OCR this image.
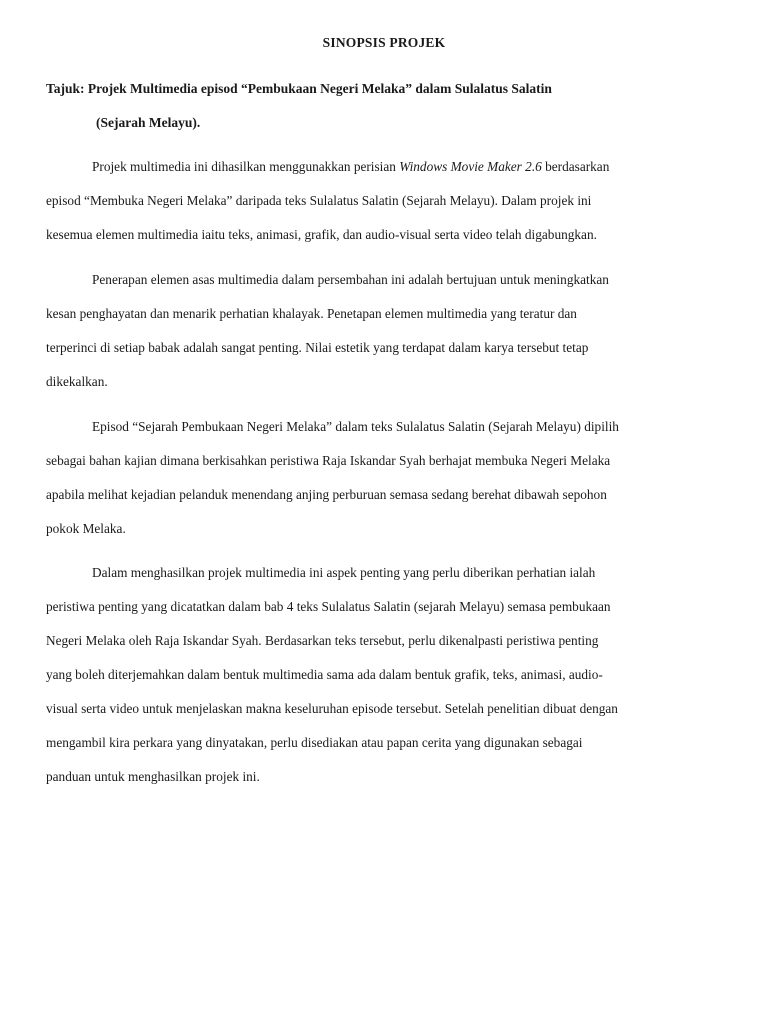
SINOPSIS PROJEK
Tajuk: Projek Multimedia episod “Pembukaan Negeri Melaka” dalam Sulalatus Salatin
(Sejarah Melayu).
Projek multimedia ini dihasilkan menggunakkan perisian Windows Movie Maker 2.6 berdasarkan
episod “Membuka Negeri Melaka” daripada teks Sulalatus Salatin (Sejarah Melayu). Dalam projek ini
kesemua elemen multimedia iaitu teks, animasi, grafik, dan audio-visual serta video telah digabungkan.
Penerapan elemen asas multimedia dalam persembahan ini adalah bertujuan untuk meningkatkan
kesan penghayatan dan menarik perhatian khalayak. Penetapan elemen multimedia yang teratur dan
terperinci di setiap babak adalah sangat penting. Nilai estetik yang terdapat dalam karya tersebut tetap
dikekalkan.
Episod “Sejarah Pembukaan Negeri Melaka” dalam teks Sulalatus Salatin (Sejarah Melayu) dipilih
sebagai bahan kajian dimana berkisahkan peristiwa Raja Iskandar Syah berhajat membuka Negeri Melaka
apabila melihat kejadian pelanduk menendang anjing perburuan semasa sedang berehat dibawah sepohon
pokok Melaka.
Dalam menghasilkan projek multimedia ini aspek penting yang perlu diberikan perhatian ialah
peristiwa penting yang dicatatkan dalam bab 4 teks Sulalatus Salatin (sejarah Melayu) semasa pembukaan
Negeri Melaka oleh Raja Iskandar Syah. Berdasarkan teks tersebut, perlu dikenalpasti peristiwa penting
yang boleh diterjemahkan dalam bentuk multimedia sama ada dalam bentuk grafik, teks, animasi, audio-
visual serta video untuk menjelaskan makna keseluruhan episode tersebut. Setelah penelitian dibuat dengan
mengambil kira perkara yang dinyatakan, perlu disediakan atau papan cerita yang digunakan sebagai
panduan untuk menghasilkan projek ini.
